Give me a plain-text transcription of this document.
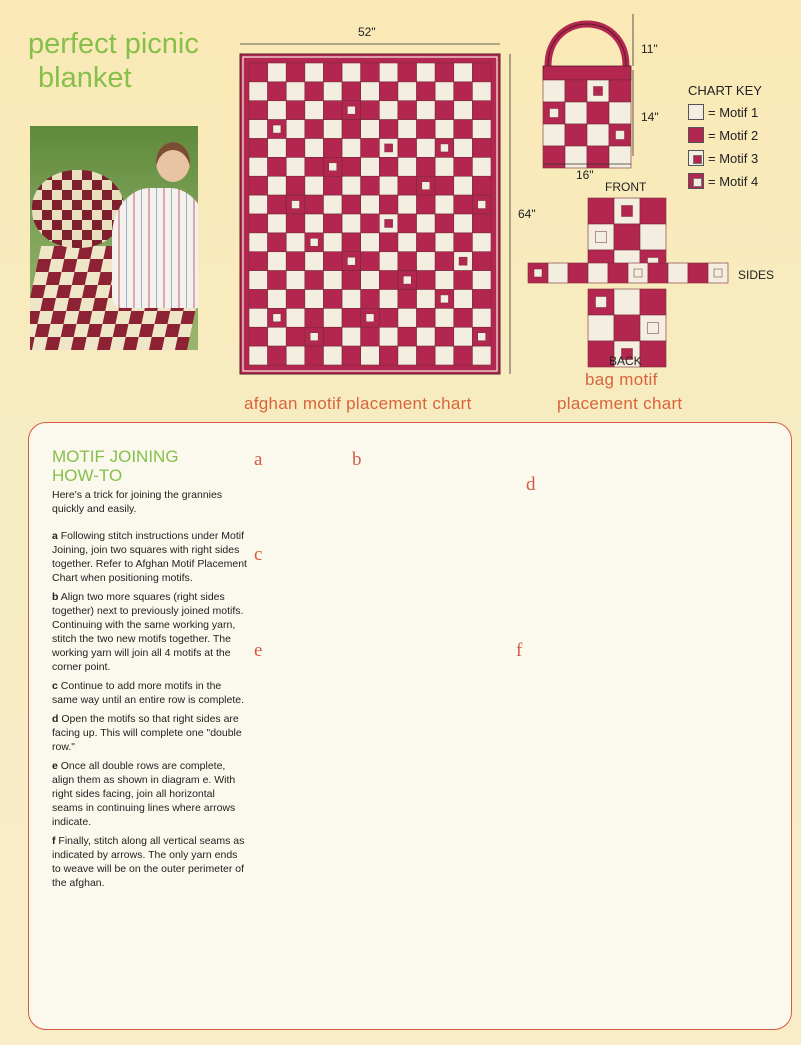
perfect picnic
blanket
52"
64"
afghan motif placement chart
11"
14"
16"
FRONT
SIDES
BACK
bag motif
placement chart
CHART KEY
= Motif 1
= Motif 2
= Motif 3
= Motif 4
MOTIF JOINING
HOW-TO

Here's a trick for joining the grannies quickly and easily.

a Following stitch instructions under Motif Joining, join two squares with right sides together. Refer to Afghan Motif Placement Chart when positioning motifs.

b Align two more squares (right sides together) next to previously joined motifs. Continuing with the same working yarn, stitch the two new motifs together. The working yarn will join all 4 motifs at the corner point.

c Continue to add more motifs in the same way until an entire row is complete.

d Open the motifs so that right sides are facing up. This will complete one "double row."

e Once all double rows are complete, align them as shown in diagram e. With right sides facing, join all horizontal seams in continuing lines where arrows indicate.

f Finally, stitch along all vertical seams as indicated by arrows. The only yarn ends to weave will be on the outer perimeter of the afghan.

a	b
c
d
e	f
